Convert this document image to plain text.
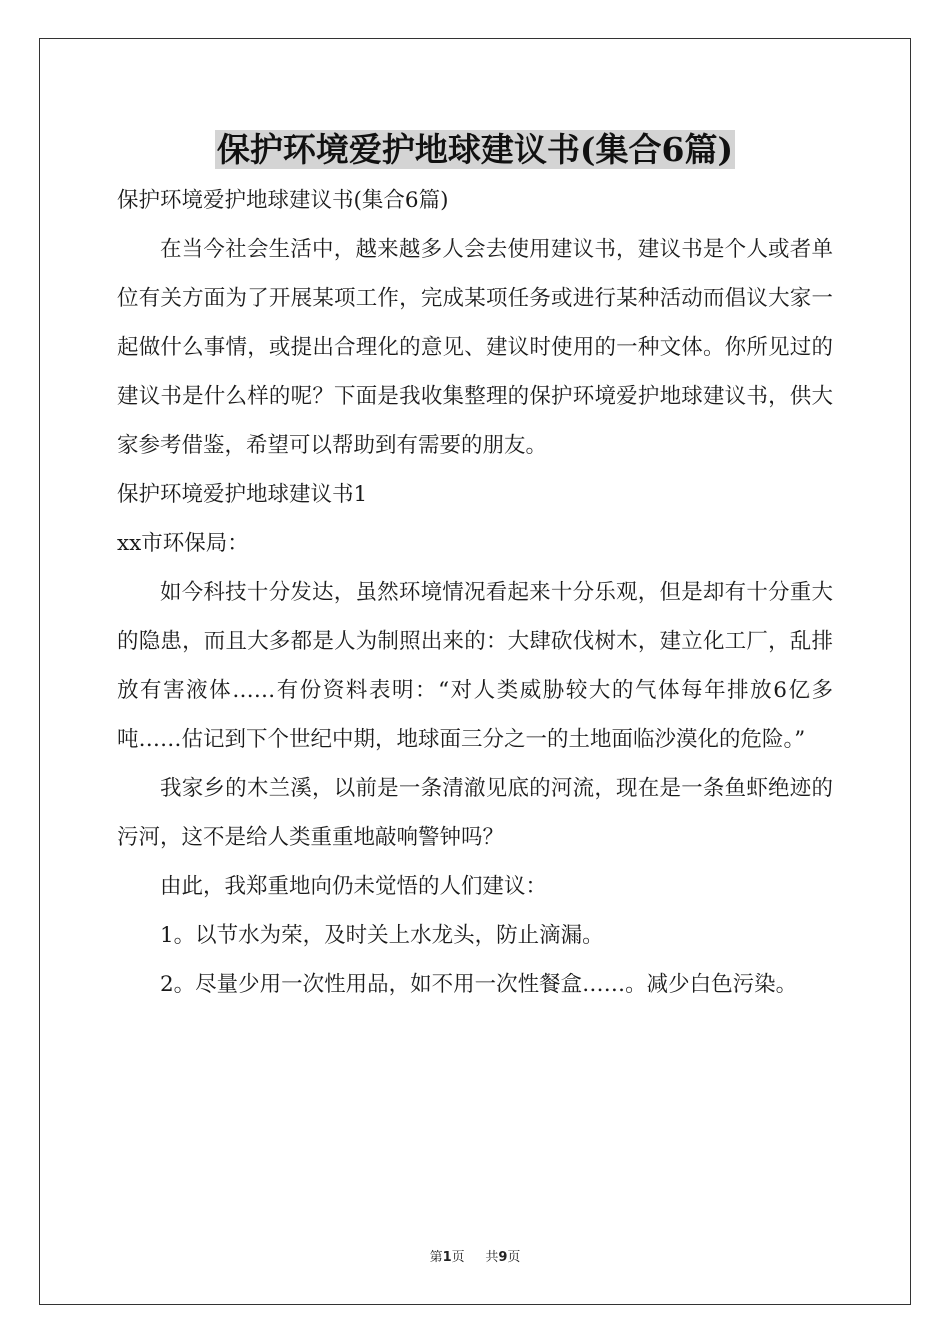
保护环境爱护地球建议书(集合6篇)

保护环境爱护地球建议书(集合6篇)

在当今社会生活中，越来越多人会去使用建议书，建议书是个人或者单位有关方面为了开展某项工作，完成某项任务或进行某种活动而倡议大家一起做什么事情，或提出合理化的意见、建议时使用的一种文体。你所见过的建议书是什么样的呢？下面是我收集整理的保护环境爱护地球建议书，供大家参考借鉴，希望可以帮助到有需要的朋友。

保护环境爱护地球建议书1

xx市环保局：

如今科技十分发达，虽然环境情况看起来十分乐观，但是却有十分重大的隐患，而且大多都是人为制照出来的：大肆砍伐树木，建立化工厂，乱排放有害液体……有份资料表明：“对人类威胁较大的气体每年排放6亿多吨……估记到下个世纪中期，地球面三分之一的土地面临沙漠化的危险。”

我家乡的木兰溪，以前是一条清澈见底的河流，现在是一条鱼虾绝迹的污河，这不是给人类重重地敲响警钟吗？

由此，我郑重地向仍未觉悟的人们建议：

1。以节水为荣，及时关上水龙头，防止滴漏。

2。尽量少用一次性用品，如不用一次性餐盒……。减少白色污染。

第1页 共9页
